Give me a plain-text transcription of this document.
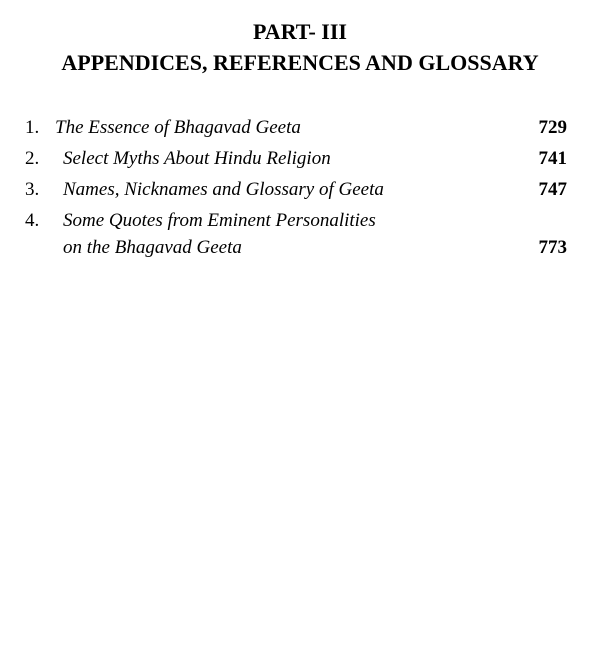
PART- III
APPENDICES, REFERENCES AND GLOSSARY
1. The Essence of Bhagavad Geeta	729
2. Select Myths About Hindu Religion	741
3. Names, Nicknames and Glossary of Geeta	747
4. Some Quotes from Eminent Personalities
on the Bhagavad Geeta	773
